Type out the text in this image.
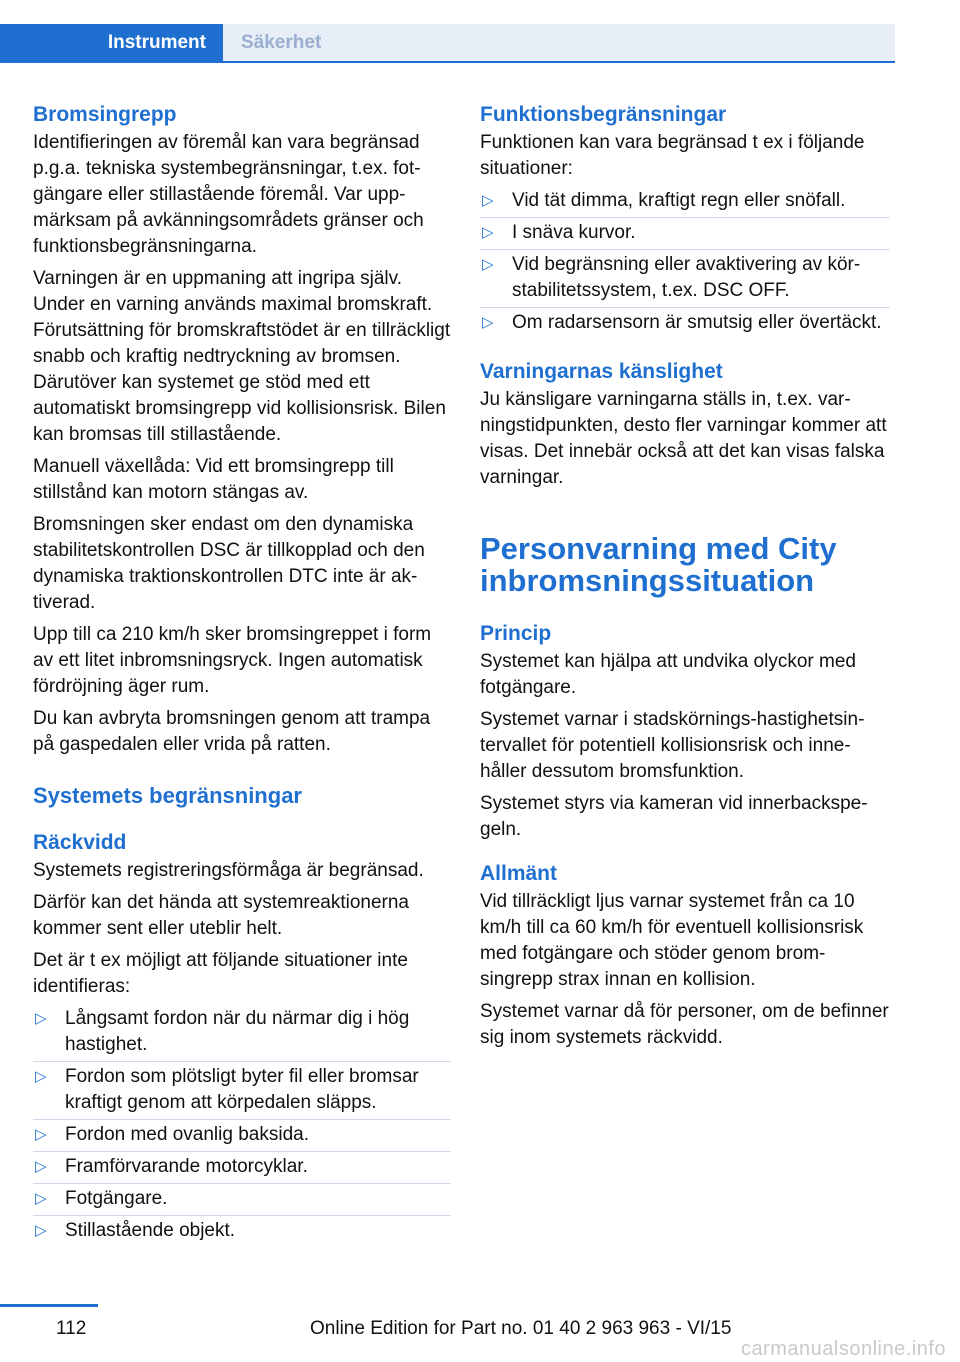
Instrument	Säkerhet
Bromsingrepp

Identifieringen av föremål kan vara begränsad p.g.a. tekniska systembegränsningar, t.ex. fotgängare eller stillastående föremål. Var uppmärksam på avkänningsområdets gränser och funktionsbegränsningarna.

Varningen är en uppmaning att ingripa själv. Under en varning används maximal bromskraft. Förutsättning för bromskraftstödet är en tillräckligt snabb och kraftig nedtryckning av bromsen. Därutöver kan systemet ge stöd med ett automatiskt bromsingrepp vid kollisionsrisk. Bilen kan bromsas till stillastående.

Manuell växellåda: Vid ett bromsingrepp till stillstånd kan motorn stängas av.

Bromsningen sker endast om den dynamiska stabilitetskontrollen DSC är tillkopplad och den dynamiska traktionskontrollen DTC inte är aktiverad.

Upp till ca 210 km/h sker bromsingreppet i form av ett litet inbromsningsryck. Ingen automatisk fördröjning äger rum.

Du kan avbryta bromsningen genom att trampa på gaspedalen eller vrida på ratten.

Systemets begränsningar
Räckvidd

Systemets registreringsförmåga är begränsad.

Därför kan det hända att systemreaktionerna kommer sent eller uteblir helt.

Det är t ex möjligt att följande situationer inte identifieras:

▷ Långsamt fordon när du närmar dig i hög hastighet.
▷ Fordon som plötsligt byter fil eller bromsar kraftigt genom att körpedalen släpps.
▷ Fordon med ovanlig baksida.
▷ Framförvarande motorcyklar.
▷ Fotgängare.
▷ Stillastående objekt.
Funktionsbegränsningar

Funktionen kan vara begränsad t ex i följande situationer:

▷ Vid tät dimma, kraftigt regn eller snöfall.
▷ I snäva kurvor.
▷ Vid begränsning eller avaktivering av körstabilitetssystem, t.ex. DSC OFF.
▷ Om radarsensorn är smutsig eller övertäckt.
Varningarnas känslighet

Ju känsligare varningarna ställs in, t.ex. varningstidpunkten, desto fler varningar kommer att visas. Det innebär också att det kan visas falska varningar.

Personvarning med City inbromsningssituation
Princip

Systemet kan hjälpa att undvika olyckor med fotgängare.

Systemet varnar i stadskörnings-hastighetsintervallet för potentiell kollisionsrisk och innehåller dessutom bromsfunktion.

Systemet styrs via kameran vid innerbackspegeln.

Allmänt

Vid tillräckligt ljus varnar systemet från ca 10 km/h till ca 60 km/h för eventuell kollisionsrisk med fotgängare och stöder genom bromsingrepp strax innan en kollision.

Systemet varnar då för personer, om de befinner sig inom systemets räckvidd.

112	Online Edition for Part no. 01 40 2 963 963 - VI/15
carmanualsonline.info
